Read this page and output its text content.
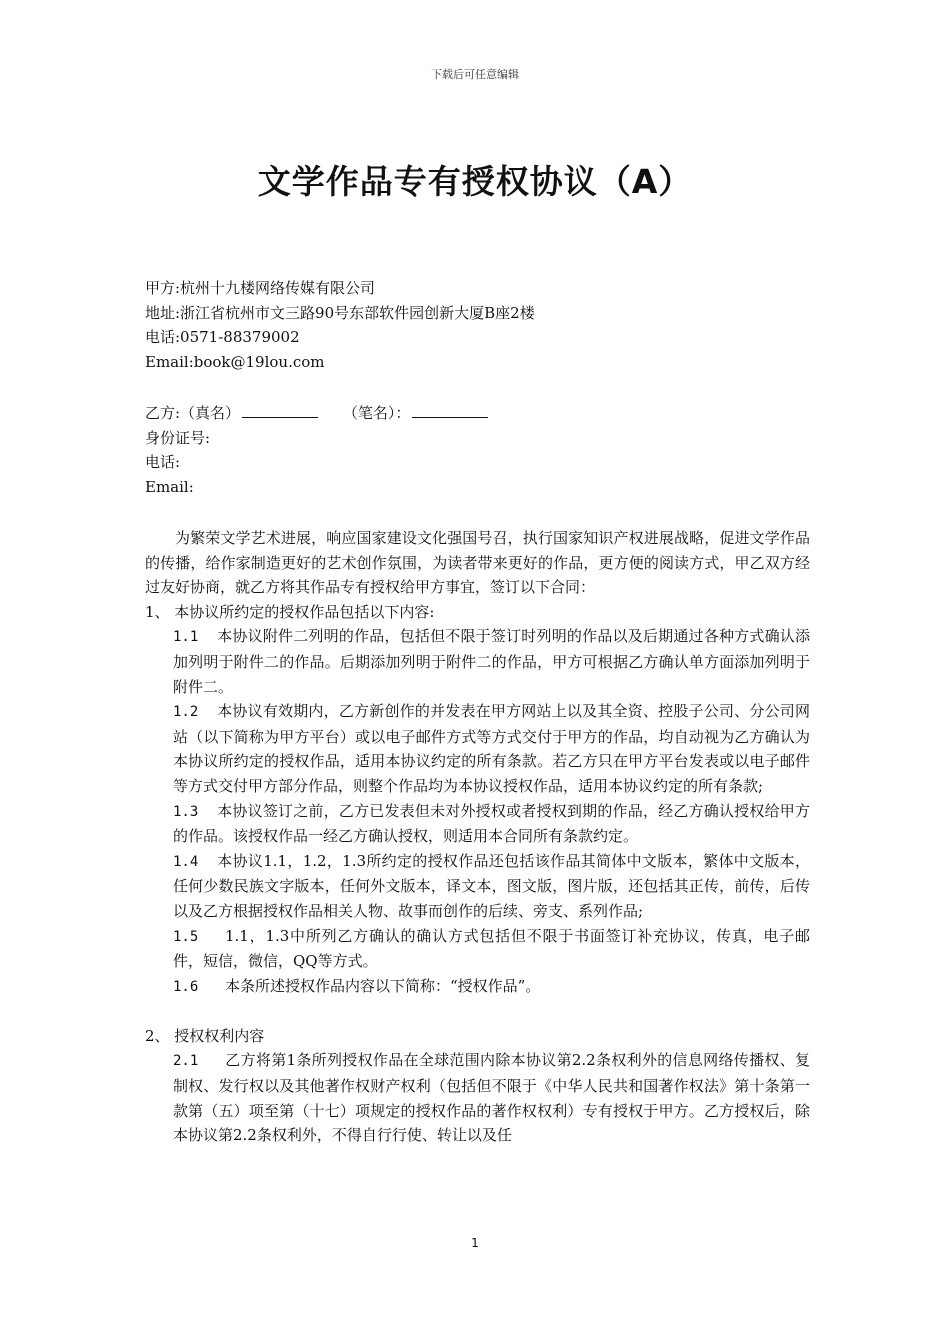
下载后可任意编辑
文学作品专有授权协议（A）
甲方:杭州十九楼网络传媒有限公司
地址:浙江省杭州市文三路90号东部软件园创新大厦B座2楼
电话:0571-88379002
Email:book@19lou.com
乙方:（真名）	（笔名）：
身份证号:
电话:
Email:
为繁荣文学艺术进展，响应国家建设文化强国号召，执行国家知识产权进展战略，促进文学作品的传播，给作家制造更好的艺术创作氛围，为读者带来更好的作品，更方便的阅读方式，甲乙双方经过友好协商，就乙方将其作品专有授权给甲方事宜，签订以下合同：
1、 本协议所约定的授权作品包括以下内容:
1.1 本协议附件二列明的作品，包括但不限于签订时列明的作品以及后期通过各种方式确认添加列明于附件二的作品。后期添加列明于附件二的作品，甲方可根据乙方确认单方面添加列明于附件二。
1.2 本协议有效期内，乙方新创作的并发表在甲方网站上以及其全资、控股子公司、分公司网站（以下简称为甲方平台）或以电子邮件方式等方式交付于甲方的作品，均自动视为乙方确认为本协议所约定的授权作品，适用本协议约定的所有条款。若乙方只在甲方平台发表或以电子邮件等方式交付甲方部分作品，则整个作品均为本协议授权作品，适用本协议约定的所有条款;
1.3 本协议签订之前，乙方已发表但未对外授权或者授权到期的作品，经乙方确认授权给甲方的作品。该授权作品一经乙方确认授权，则适用本合同所有条款约定。
1.4 本协议1.1，1.2，1.3所约定的授权作品还包括该作品其简体中文版本，繁体中文版本，任何少数民族文字版本，任何外文版本，译文本，图文版，图片版，还包括其正传，前传，后传以及乙方根据授权作品相关人物、故事而创作的后续、旁支、系列作品;
1.5 1.1，1.3中所列乙方确认的确认方式包括但不限于书面签订补充协议，传真，电子邮件，短信，微信，QQ等方式。
1.6 本条所述授权作品内容以下简称：“授权作品”。
2、 授权权利内容
2.1 乙方将第1条所列授权作品在全球范围内除本协议第2.2条权利外的信息网络传播权、复制权、发行权以及其他著作权财产权利（包括但不限于《中华人民共和国著作权法》第十条第一款第（五）项至第（十七）项规定的授权作品的著作权权利）专有授权于甲方。乙方授权后，除本协议第2.2条权利外，不得自行行使、转让以及任
1
